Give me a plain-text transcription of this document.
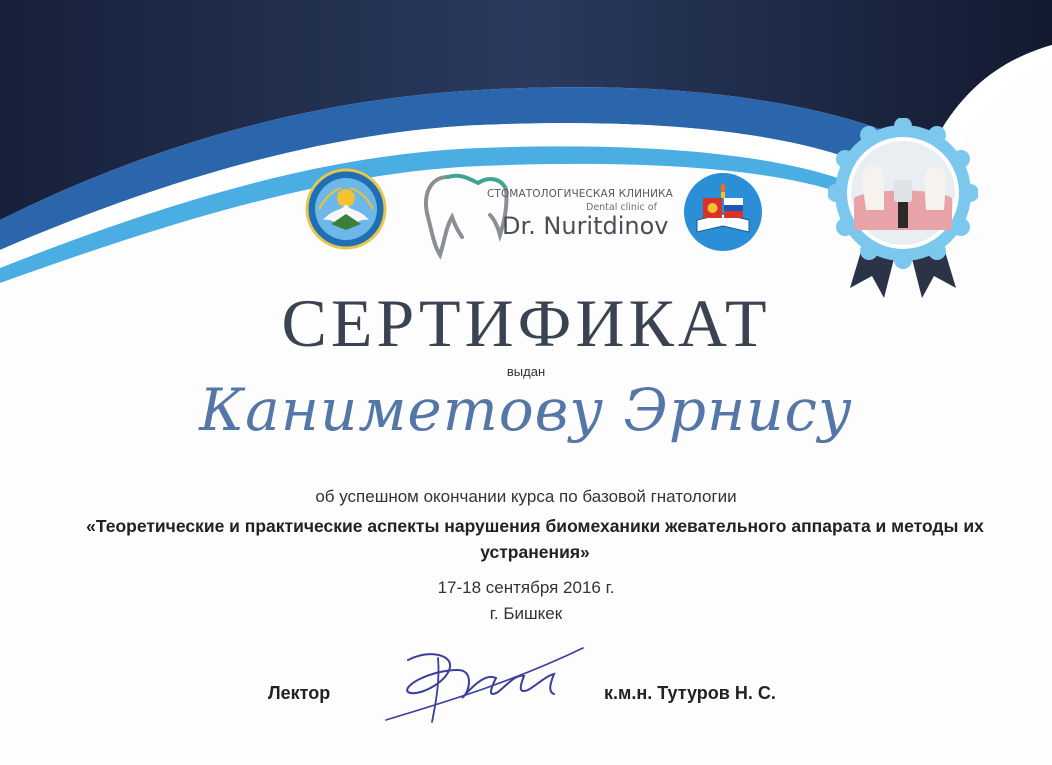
СТОМАТОЛОГИЧЕСКАЯ КЛИНИКА
Dental clinic of
Dr. Nuritdinov
СЕРТИФИКАТ
выдан
Каниметову Эрнису
об успешном окончании курса по базовой гнатологии
«Теоретические и практические аспекты нарушения биомеханики жевательного аппарата и методы их устранения»
17-18 сентября 2016 г.
г. Бишкек
Лектор	к.м.н. Тутуров Н. С.
